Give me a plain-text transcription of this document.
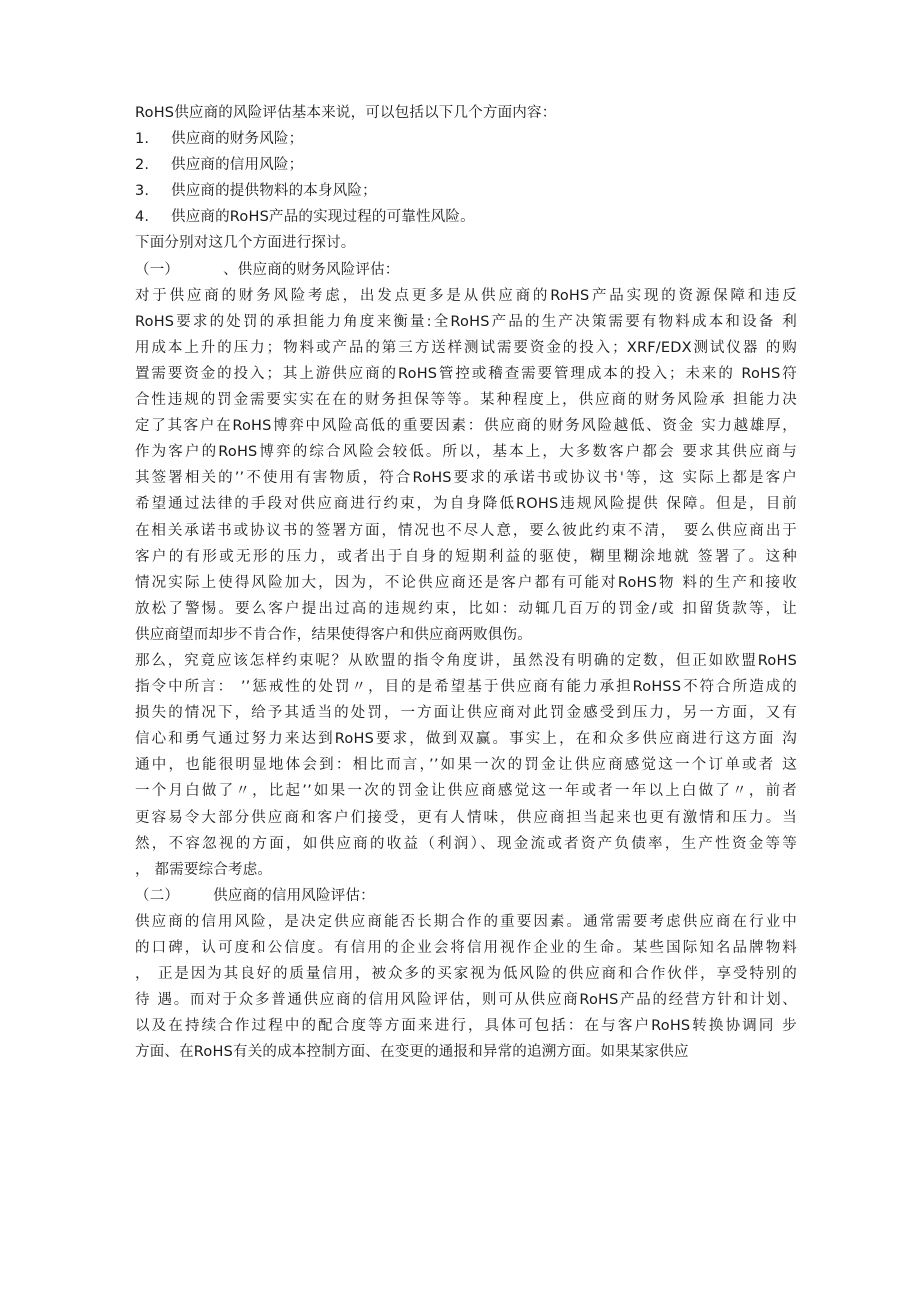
RoHS供应商的风险评估基本来说，可以包括以下几个方面内容：
1. 供应商的财务风险；
2. 供应商的信用风险；
3. 供应商的提供物料的本身风险；
4. 供应商的RoHS产品的实现过程的可靠性风险。
下面分别对这几个方面进行探讨。
（一）	、供应商的财务风险评估：
对于供应商的财务风险考虑，出发点更多是从供应商的RoHS产品实现的资源保障和违反
RoHS要求的处罚的承担能力角度来衡量:全RoHS产品的生产决策需要有物料成本和设备 利
用成本上升的压力；物料或产品的第三方送样测试需要资金的投入；XRF/EDX测试仪器 的购
置需要资金的投入；其上游供应商的RoHS管控或稽查需要管理成本的投入；未来的 RoHS符
合性违规的罚金需要实实在在的财务担保等等。某种程度上，供应商的财务风险承 担能力决
定了其客户在RoHS博弈中风险高低的重要因素：供应商的财务风险越低、资金 实力越雄厚，
作为客户的RoHS博弈的综合风险会较低。所以，基本上，大多数客户都会 要求其供应商与
其签署相关的’’不使用有害物质，符合RoHS要求的承诺书或协议书'等，这 实际上都是客户
希望通过法律的手段对供应商进行约束，为自身降低ROHS违规风险提供 保障。但是，目前
在相关承诺书或协议书的签署方面，情况也不尽人意，要么彼此约束不清， 要么供应商出于
客户的有形或无形的压力，或者出于自身的短期利益的驱使，糊里糊涂地就 签署了。这种
情况实际上使得风险加大，因为，不论供应商还是客户都有可能对RoHS物 料的生产和接收
放松了警惕。要么客户提出过高的违规约束，比如：动辄几百万的罚金/或 扣留货款等，让
供应商望而却步不肯合作，结果使得客户和供应商两败俱伤。
那么，究竟应该怎样约束呢？从欧盟的指令角度讲，虽然没有明确的定数，但正如欧盟RoHS
指令中所言： ’’惩戒性的处罚〃，目的是希望基于供应商有能力承担RoHSS不符合所造成的
损失的情况下，给予其适当的处罚，一方面让供应商对此罚金感受到压力，另一方面，又有
信心和勇气通过努力来达到RoHS要求，做到双赢。事实上，在和众多供应商进行这方面 沟
通中，也能很明显地体会到：相比而言，’’如果一次的罚金让供应商感觉这一个订单或者 这
一个月白做了〃，比起’’如果一次的罚金让供应商感觉这一年或者一年以上白做了〃，前者
更容易令大部分供应商和客户们接受，更有人情味，供应商担当起来也更有激情和压力。当
然，不容忽视的方面，如供应商的收益（利润）、现金流或者资产负债率，生产性资金等等
， 都需要综合考虑。
（二） 供应商的信用风险评估：
供应商的信用风险，是决定供应商能否长期合作的重要因素。通常需要考虑供应商在行业中
的口碑，认可度和公信度。有信用的企业会将信用视作企业的生命。某些国际知名品牌物料
， 正是因为其良好的质量信用，被众多的买家视为低风险的供应商和合作伙伴，享受特别的
待 遇。而对于众多普通供应商的信用风险评估，则可从供应商RoHS产品的经营方针和计划、
以及在持续合作过程中的配合度等方面来进行，具体可包括：在与客户RoHS转换协调同 步
方面、在RoHS有关的成本控制方面、在变更的通报和异常的追溯方面。如果某家供应
